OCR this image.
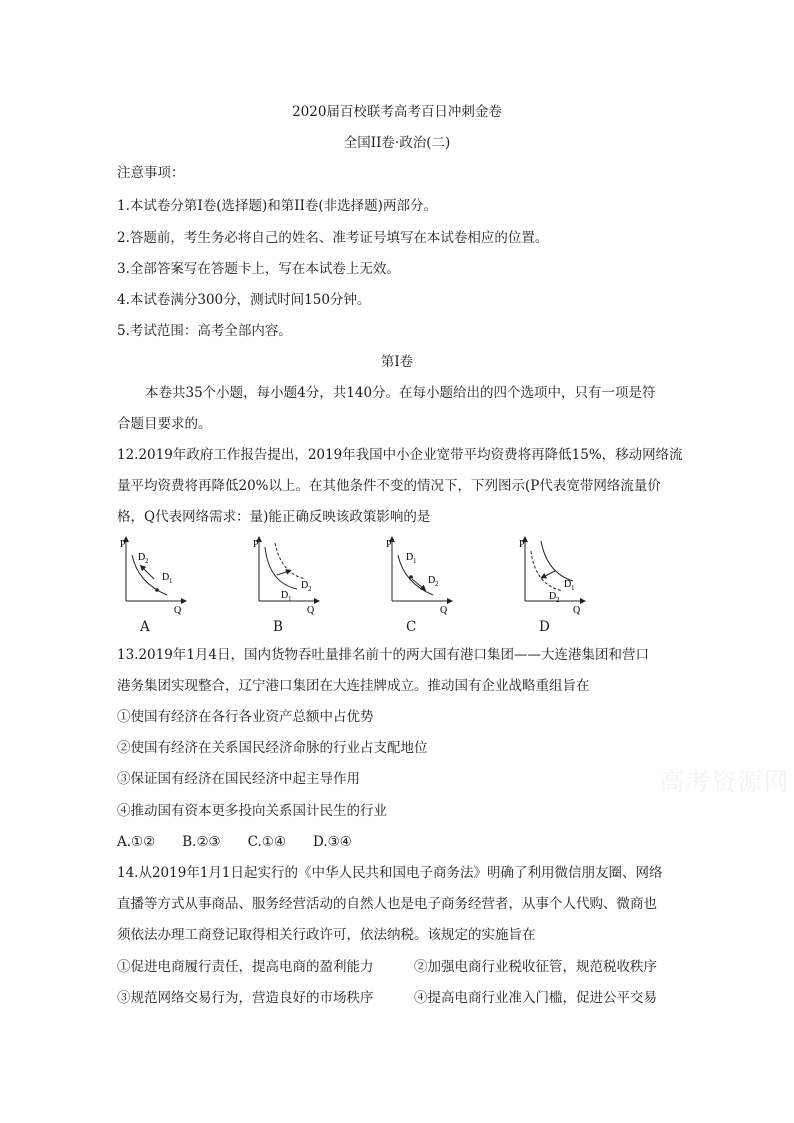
2020届百校联考高考百日冲刺金卷
全国II卷·政治(二)
注意事项：
1.本试卷分第I卷(选择题)和第II卷(非选择题)两部分。
2.答题前，考生务必将自己的姓名、准考证号填写在本试卷相应的位置。
3.全部答案写在答题卡上，写在本试卷上无效。
4.本试卷满分300分，测试时间150分钟。
5.考试范围：高考全部内容。
第I卷
本卷共35个小题，每小题4分，共140分。在每小题给出的四个选项中，只有一项是符
合题目要求的。
12.2019年政府工作报告提出，2019年我国中小企业宽带平均资费将再降低15%，移动网络流
量平均资费将再降低20%以上。在其他条件不变的情况下，下列图示(P代表宽带网络流量价
格，Q代表网络需求：量)能正确反映该政策影响的是
P
Q
D 2
D 1
A
P
Q
D 2
D 1
B
P
Q
D 1
D 2
C
P
Q
D 1
D 2
D
13.2019年1月4日，国内货物吞吐量排名前十的两大国有港口集团——大连港集团和营口
港务集团实现整合，辽宁港口集团在大连挂牌成立。推动国有企业战略重组旨在
①使国有经济在各行各业资产总额中占优势
②使国有经济在关系国民经济命脉的行业占支配地位
③保证国有经济在国民经济中起主导作用
④推动国有资本更多投向关系国计民生的行业
A.①②　　B.②③　　C.①④　　D.③④
高考资源网
14.从2019年1月1日起实行的《中华人民共和国电子商务法》明确了利用微信朋友圈、网络
直播等方式从事商品、服务经营活动的自然人也是电子商务经营者，从事个人代购、微商也
须依法办理工商登记取得相关行政许可，依法纳税。该规定的实施旨在
①促进电商履行责任，提高电商的盈利能力	②加强电商行业税收征管，规范税收秩序
③规范网络交易行为，营造良好的市场秩序	④提高电商行业准入门槛，促进公平交易
